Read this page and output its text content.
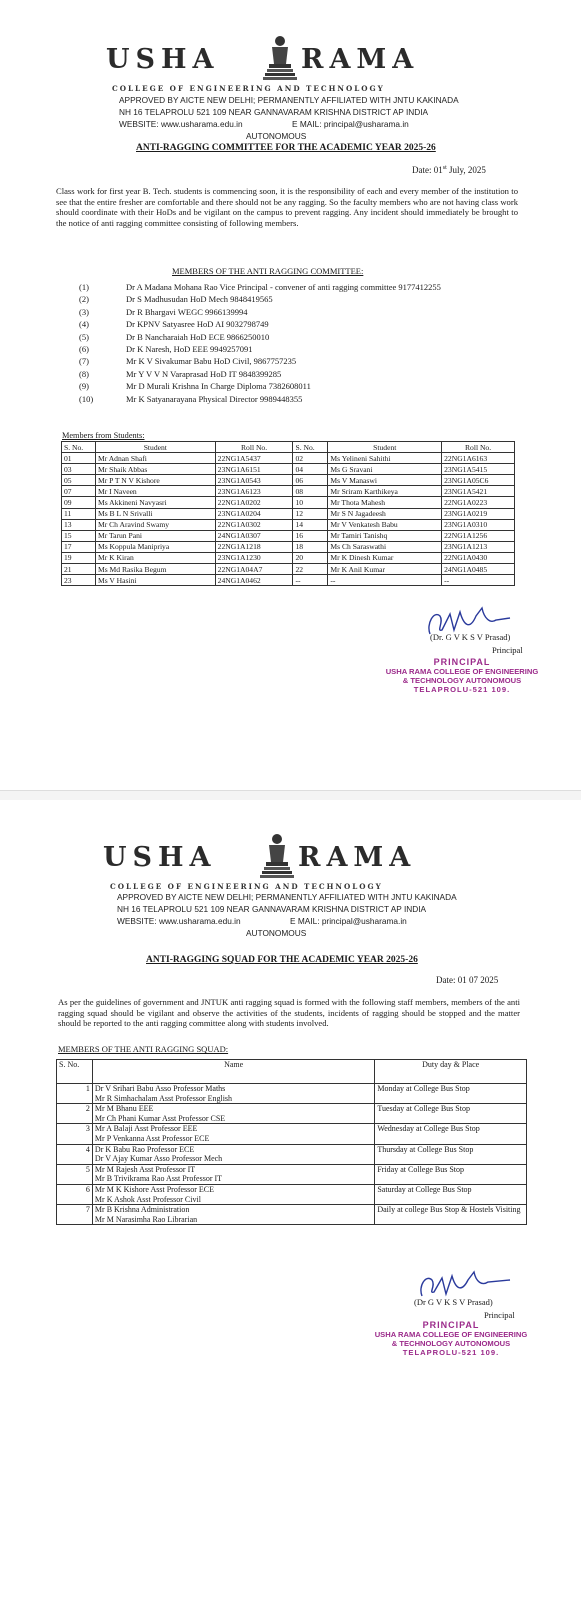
USHA	RAMA
COLLEGE OF ENGINEERING AND TECHNOLOGY
APPROVED BY AICTE NEW DELHI; PERMANENTLY AFFILIATED WITH JNTU KAKINADA
NH 16 TELAPROLU 521 109 NEAR GANNAVARAM KRISHNA DISTRICT AP INDIA
WEBSITE: www.usharama.edu.in	E MAIL: principal@usharama.in
AUTONOMOUS
ANTI-RAGGING COMMITTEE FOR THE ACADEMIC YEAR 2025-26
Date: 01st July, 2025
Class work for first year B. Tech. students is commencing soon, it is the responsibility of each and every member of the institution to see that the entire fresher are comfortable and there should not be any ragging. So the faculty members who are not having class work should coordinate with their HoDs and be vigilant on the campus to prevent ragging. Any incident should immediately be brought to the notice of anti ragging committee consisting of following members.
MEMBERS OF THE ANTI RAGGING COMMITTEE:
(1)	Dr A Madana Mohana Rao Vice Principal - convener of anti ragging committee 9177412255
(2)	Dr S Madhusudan HoD Mech 9848419565
(3)	Dr R Bhargavi WEGC 9966139994
(4)	Dr KPNV Satyasree HoD AI 9032798749
(5)	Dr B Nancharaiah HoD ECE 9866250010
(6)	Dr K Naresh, HoD EEE 9949257091
(7)	Mr K V Sivakumar Babu HoD Civil, 9867757235
(8)	Mr Y V V N Varaprasad HoD IT 9848399285
(9)	Mr D Murali Krishna In Charge Diploma 7382608011
(10)	Mr K Satyanarayana Physical Director 9989448355
Members from Students:
S. No.	Student	Roll No.	S. No.	Student	Roll No.
01	Mr Adnan Shafi	22NG1A5437	02	Ms Yelineni Sahithi	22NG1A6163
03	Mr Shaik Abbas	23NG1A6151	04	Ms G Sravani	23NG1A5415
05	Mr P T N V Kishore	23NG1A0543	06	Ms V Manaswi	23NG1A05C6
07	Mr I Naveen	23NG1A6123	08	Mr Sriram Karthikeya	23NG1A5421
09	Ms Akkineni Navyasri	22NG1A0202	10	Mr Thota Mahesh	22NG1A0223
11	Ms B L N Srivalli	23NG1A0204	12	Mr S N Jagadeesh	23NG1A0219
13	Mr Ch Aravind Swamy	22NG1A0302	14	Mr V Venkatesh Babu	23NG1A0310
15	Mr Tarun Pani	24NG1A0307	16	Mr Tamiri Tanishq	22NG1A1256
17	Ms Koppula Manipriya	22NG1A1218	18	Ms Ch Saraswathi	23NG1A1213
19	Mr K Kiran	23NG1A1230	20	Mr K Dinesh Kumar	22NG1A0430
21	Ms Md Rasika Begum	22NG1A04A7	22	Mr K Anil Kumar	24NG1A0485
23	Ms V Hasini	24NG1A0462	--	--	--
(Dr. G V K S V Prasad)
Principal
PRINCIPAL
USHA RAMA COLLEGE OF ENGINEERING
& TECHNOLOGY AUTONOMOUS
TELAPROLU-521 109.
USHA	RAMA
COLLEGE OF ENGINEERING AND TECHNOLOGY
APPROVED BY AICTE NEW DELHI; PERMANENTLY AFFILIATED WITH JNTU KAKINADA
NH 16 TELAPROLU 521 109 NEAR GANNAVARAM KRISHNA DISTRICT AP INDIA
WEBSITE: www.usharama.edu.in	E MAIL: principal@usharama.in
AUTONOMOUS
ANTI-RAGGING SQUAD FOR THE ACADEMIC YEAR 2025-26
Date: 01 07 2025
As per the guidelines of government and JNTUK anti ragging squad is formed with the following staff members, members of the anti ragging squad should be vigilant and observe the activities of the students, incidents of ragging should be stopped and the matter should be reported to the anti ragging committee along with students involved.
MEMBERS OF THE ANTI RAGGING SQUAD:
S. No.	Name	Duty day & Place
1	Dr V Srihari Babu Asso Professor Maths
Mr R Simhachalam Asst Professor English	Monday at College Bus Stop
2	Mr M Bhanu EEE
Mr Ch Phani Kumar Asst Professor CSE	Tuesday at College Bus Stop
3	Mr A Balaji Asst Professor EEE
Mr P Venkanna Asst Professor ECE	Wednesday at College Bus Stop
4	Dr K Babu Rao Professor ECE
Dr V Ajay Kumar Asso Professor Mech	Thursday at College Bus Stop
5	Mr M Rajesh Asst Professor IT
Mr B Trivikrama Rao Asst Professor IT	Friday at College Bus Stop
6	Mr M K Kishore Asst Professor ECE
Mr K Ashok Asst Professor Civil	Saturday at College Bus Stop
7	Mr B Krishna Administration
Mr M Narasimha Rao Librarian	Daily at college Bus Stop & Hostels Visiting
(Dr G V K S V Prasad)
Principal
PRINCIPAL
USHA RAMA COLLEGE OF ENGINEERING
& TECHNOLOGY AUTONOMOUS
TELAPROLU-521 109.
